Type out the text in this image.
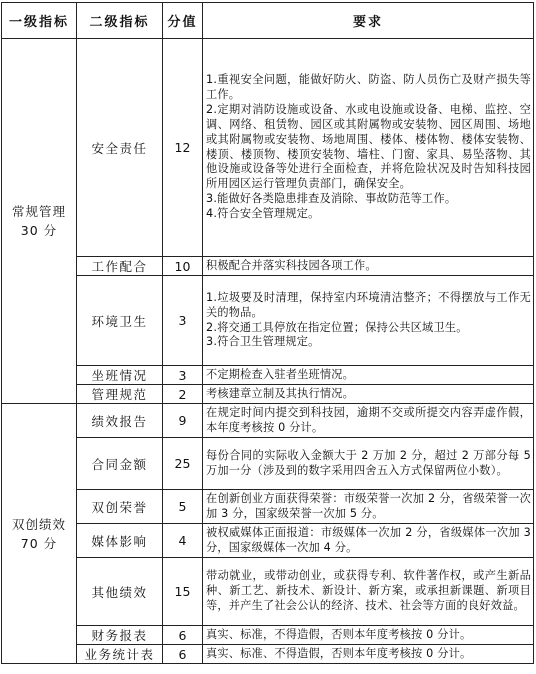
一级指标	二级指标	分值	要求

常规管理
30 分	安全责任	12	1.重视安全问题，能做好防火、防盗、防人员伤亡及财产损失等工作。
2.定期对消防设施或设备、水或电设施或设备、电梯、监控、空调、网络、租赁物、园区或其附属物或安装物、园区周围、场地或其附属物或安装物、场地周围、楼体、楼体物、楼体安装物、楼顶、楼顶物、楼顶安装物、墙柱、门窗、家具、易坠落物、其他设施或设备等处进行全面检查，并将危险状况及时告知科技园所用园区运行管理负责部门，确保安全。
3.能做好各类隐患排查及消除、事故防范等工作。
4.符合安全管理规定。

	工作配合	10	积极配合并落实科技园各项工作。

	环境卫生	3	1.垃圾要及时清理，保持室内环境清洁整齐；不得摆放与工作无关的物品。
2.将交通工具停放在指定位置；保持公共区域卫生。
3.符合卫生管理规定。

	坐班情况	3	不定期检查入驻者坐班情况。

	管理规范	2	考核建章立制及其执行情况。

双创绩效
70 分	绩效报告	9	在规定时间内提交到科技园，逾期不交或所提交内容弄虚作假，本年度考核按 0 分计。

	合同金额	25	每份合同的实际收入金额大于 2 万加 2 分，超过 2 万部分每 5 万加一分（涉及到的数字采用四舍五入方式保留两位小数）。

	双创荣誉	5	在创新创业方面获得荣誉：市级荣誉一次加 2 分，省级荣誉一次加 3 分，国家级荣誉一次加 5 分。

	媒体影响	4	被权威媒体正面报道：市级媒体一次加 2 分，省级媒体一次加 3 分，国家级媒体一次加 4 分。

	其他绩效	15	带动就业，或带动创业，或获得专利、软件著作权，或产生新品种、新工艺、新技术、新设计、新方案，或承担新课题、新项目等，并产生了社会公认的经济、技术、社会等方面的良好效益。

	财务报表	6	真实、标准，不得造假，否则本年度考核按 0 分计。

	业务统计表	6	真实、标准、不得造假，否则本年度考核按 0 分计。
